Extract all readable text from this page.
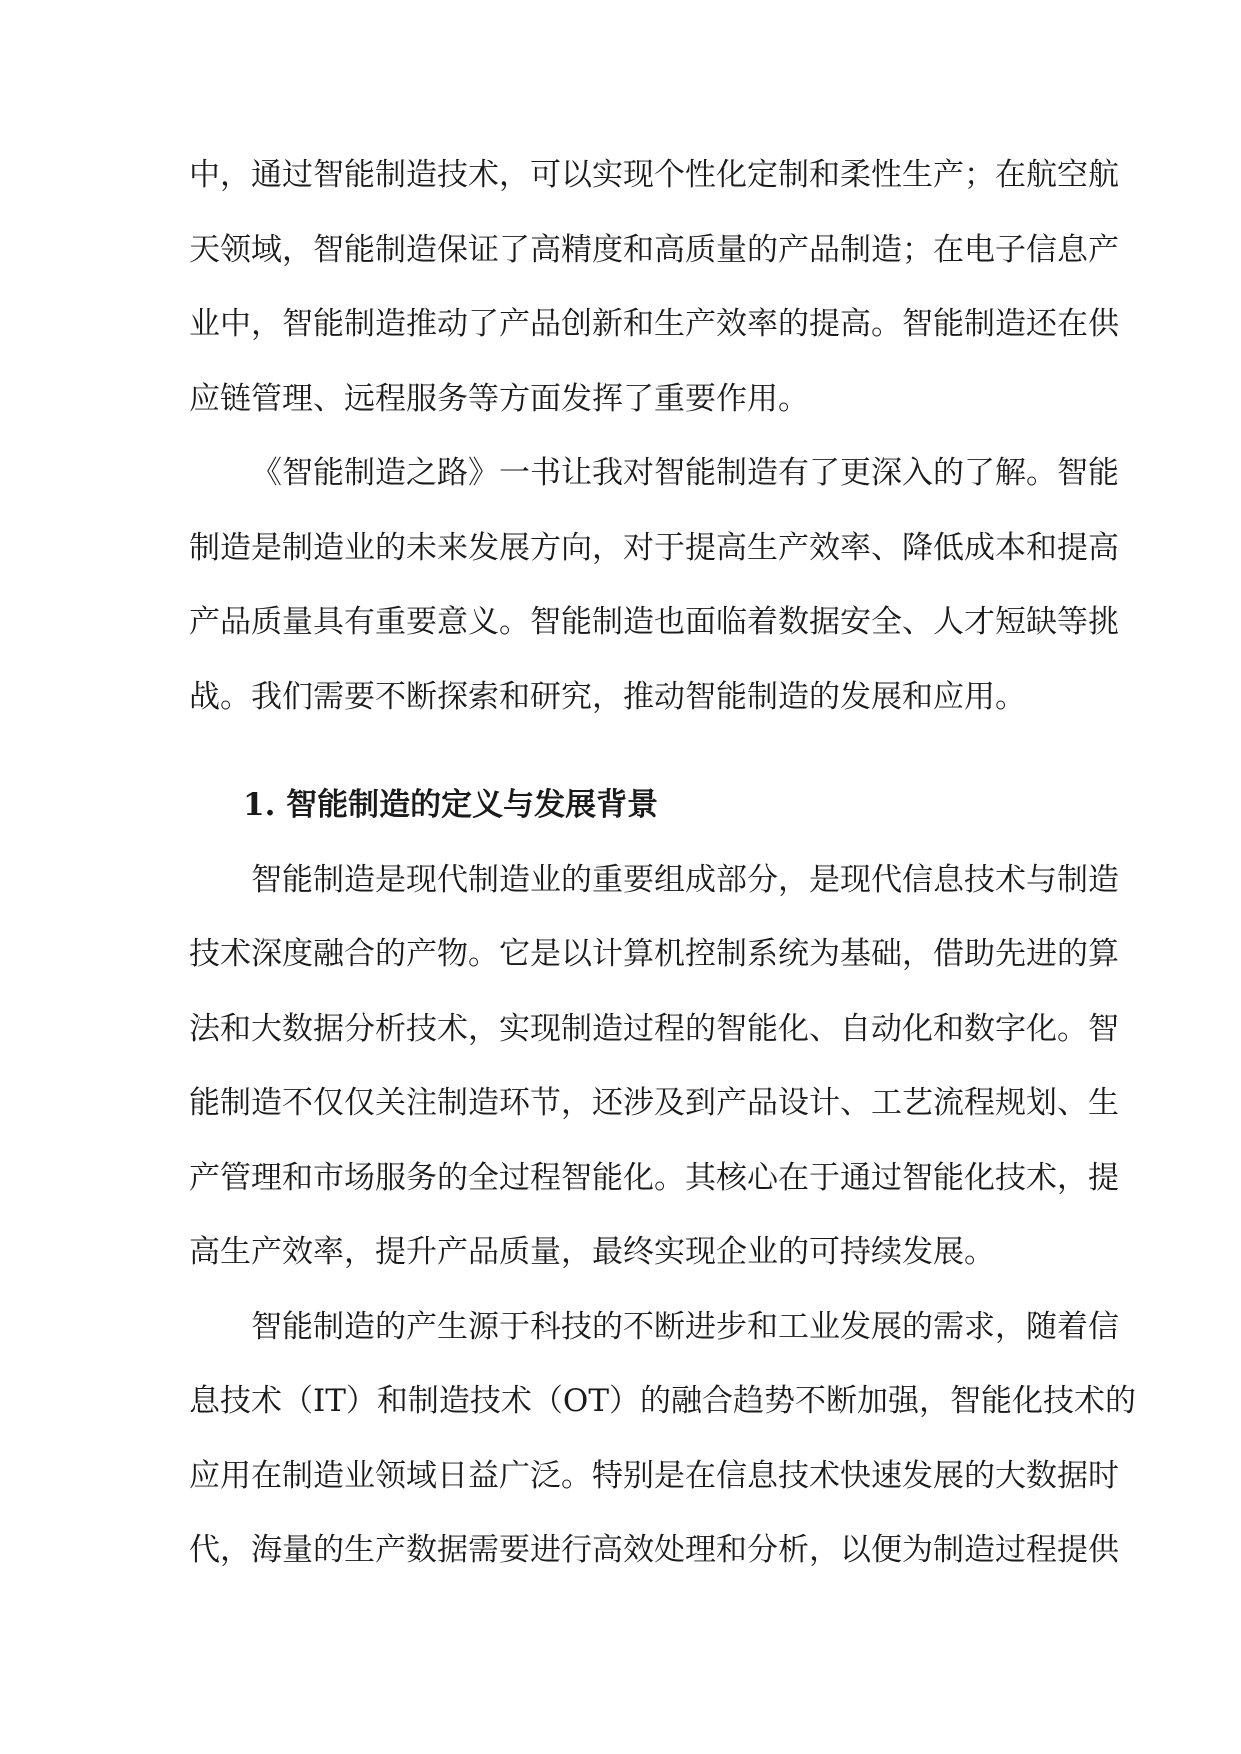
中，通过智能制造技术，可以实现个性化定制和柔性生产；在航空航
天领域，智能制造保证了高精度和高质量的产品制造；在电子信息产
业中，智能制造推动了产品创新和生产效率的提高。智能制造还在供
应链管理、远程服务等方面发挥了重要作用。
《智能制造之路》一书让我对智能制造有了更深入的了解。智能
制造是制造业的未来发展方向，对于提高生产效率、降低成本和提高
产品质量具有重要意义。智能制造也面临着数据安全、人才短缺等挑
战。我们需要不断探索和研究，推动智能制造的发展和应用。
1. 智能制造的定义与发展背景
智能制造是现代制造业的重要组成部分，是现代信息技术与制造
技术深度融合的产物。它是以计算机控制系统为基础，借助先进的算
法和大数据分析技术，实现制造过程的智能化、自动化和数字化。智
能制造不仅仅关注制造环节，还涉及到产品设计、工艺流程规划、生
产管理和市场服务的全过程智能化。其核心在于通过智能化技术，提
高生产效率，提升产品质量，最终实现企业的可持续发展。
智能制造的产生源于科技的不断进步和工业发展的需求，随着信
息技术（IT）和制造技术（OT）的融合趋势不断加强，智能化技术的
应用在制造业领域日益广泛。特别是在信息技术快速发展的大数据时
代，海量的生产数据需要进行高效处理和分析，以便为制造过程提供
